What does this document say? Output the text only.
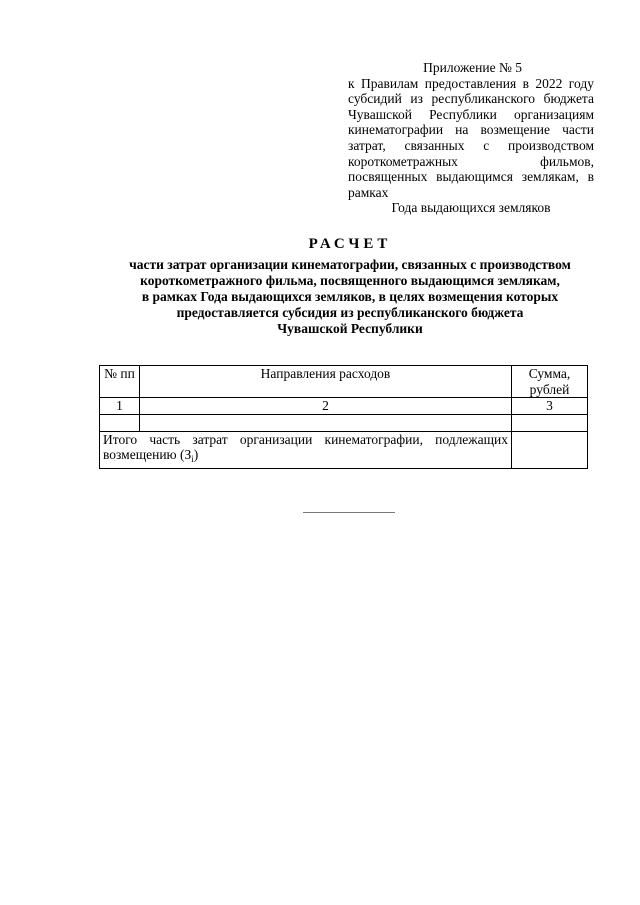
Приложение № 5
к Правилам предоставления в 2022 году субсидий из республиканского бюджета Чувашской Республики организациям кинематографии на возмещение части затрат, связанных с производством короткометражных фильмов, посвященных выдающимся землякам, в рамках
Года выдающихся земляков
РАСЧЕТ
части затрат организации кинематографии, связанных с производством
короткометражного фильма, посвященного выдающимся землякам,
в рамках Года выдающихся земляков, в целях возмещения которых
предоставляется субсидия из республиканского бюджета
Чувашской Республики
№ пп	Направления расходов	Сумма, рублей
1	2	3

Итого часть затрат организации кинематографии, подлежащих возмещению $(З_i)$		
